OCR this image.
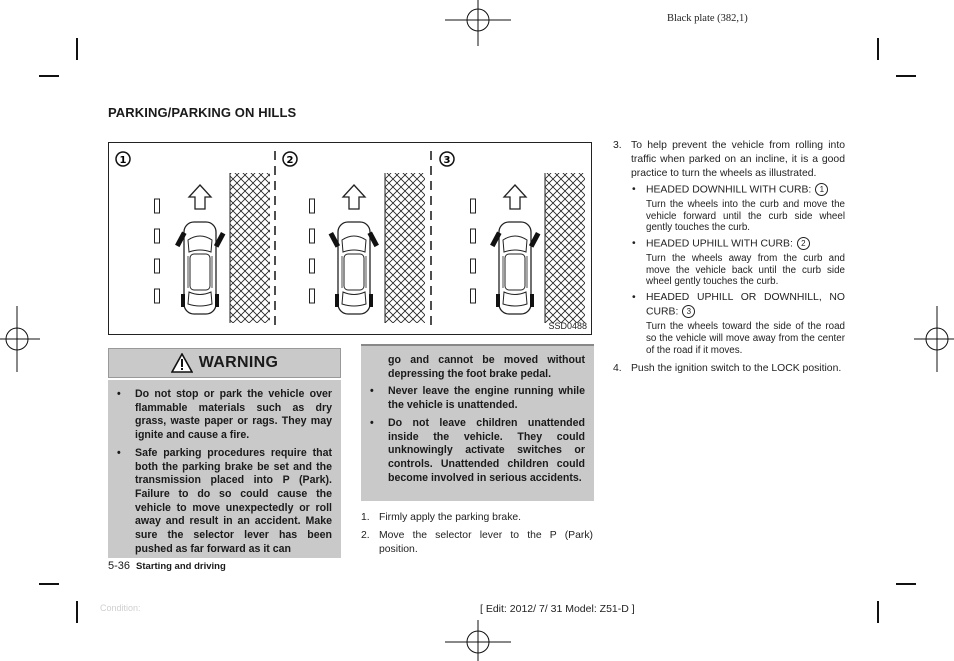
Black plate (382,1)
PARKING/PARKING ON HILLS
1	2	3
SSD0488
WARNING
• Do not stop or park the vehicle over flammable materials such as dry grass, waste paper or rags. They may ignite and cause a fire.
• Safe parking procedures require that both the parking brake be set and the transmission placed into P (Park). Failure to do so could cause the vehicle to move unexpectedly or roll away and result in an accident. Make sure the selector lever has been pushed as far forward as it can
go and cannot be moved without depressing the foot brake pedal.
• Never leave the engine running while the vehicle is unattended.
• Do not leave children unattended inside the vehicle. They could unknowingly activate switches or controls. Unattended children could become involved in serious accidents.
1. Firmly apply the parking brake.
2. Move the selector lever to the P (Park) position.
3. To help prevent the vehicle from rolling into traffic when parked on an incline, it is a good practice to turn the wheels as illustrated.
• HEADED DOWNHILL WITH CURB: 1
Turn the wheels into the curb and move the vehicle forward until the curb side wheel gently touches the curb.
• HEADED UPHILL WITH CURB: 2
Turn the wheels away from the curb and move the vehicle back until the curb side wheel gently touches the curb.
• HEADED UPHILL OR DOWNHILL, NO CURB: 3
Turn the wheels toward the side of the road so the vehicle will move away from the center of the road if it moves.
4. Push the ignition switch to the LOCK position.
5-36 Starting and driving
Condition:	[ Edit: 2012/ 7/ 31 Model: Z51-D ]
